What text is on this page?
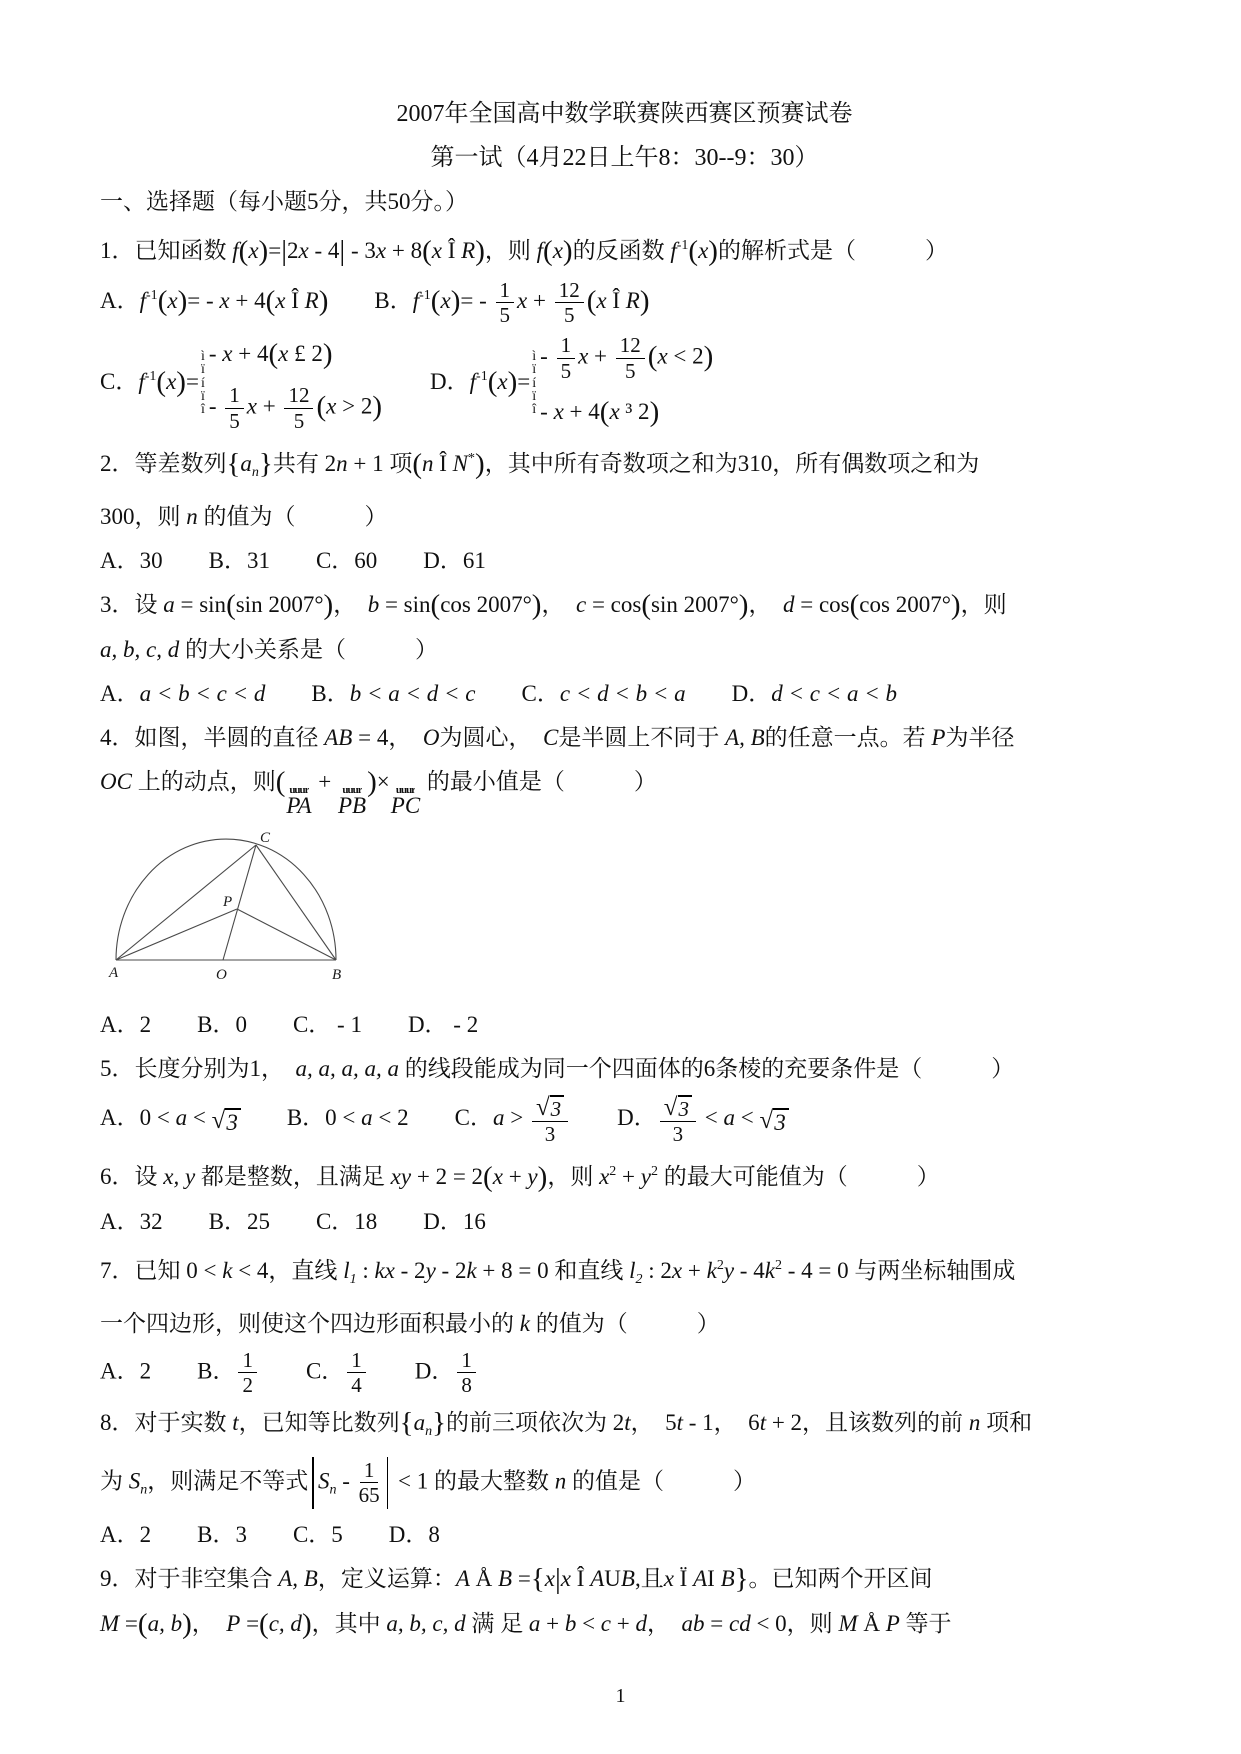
2007年全国高中数学联赛陕西赛区预赛试卷
第一试（4月22日上午8：30--9：30）
一、选择题（每小题5分，共50分。）
1．已知函数 f(x)=|2x - 4| - 3x + 8(x Î R)，则 f(x)的反函数 $f^{-1}(x)$的解析式是（　　　）
A．$f^{-1}(x)= - x + 4(x$ Î R)　　B．$f^{-1}(x)= - \frac{1}{5}$ $x + \frac{12}{5} (x$ Î R)
C．$f^{-1}(x)=$
ì
ï
í
ï
î
- x + 4(x £ 2)
- $\frac{1}{5}$ $x + \frac{12}{5} (x > 2)$
　　D．$f^{-1}(x)=$
ì
ï
í
ï
î
- $\frac{1}{5}$ $x + \frac{12}{5} (x < 2)$
- x + 4(x ³ 2)
2．等差数列$\{a_n\}$共有 2n + 1 项(n Î N*)，其中所有奇数项之和为310，所有偶数项之和为
300，则 n 的值为（　　　）
A．30　　B．31　　C．60　　D．61
3．设 a = sin(sin 2007°)，　b = sin(cos 2007°)，　c = cos(sin 2007°)，　d = cos(cos 2007°)，则
a, b, c, d 的大小关系是（　　　）
A．a < b < c < d　　B．b < a < d < c　　C．c < d < b < a　　D．d < c < a < b
4．如图，半圆的直径 AB = 4，　O为圆心，　C是半圆上不同于 A, B的任意一点。若 P为半径
OC 上的动点，则( uuur
PA
+ uuur
PB
)× uuur
PC
的最小值是（　　　）
A	O	B
C
P
A．2　　B．0　　C． - 1　　D． - 2
5．长度分别为1，　a, a, a, a, a 的线段能成为同一个四面体的6条棱的充要条件是（　　　）
A．0 < a < √ 3 　　B．0 < a < 2　　C．$a > \frac{√ 3}{3}$ 　　D． $\frac{√ 3}{3} < a$ < √ 3
6．设 x, y 都是整数，且满足 xy + 2 = 2(x + y)，则 $x^2 + y^2$ 的最大可能值为（　　　）
A．32　　B．25　　C．18　　D．16
7．已知 0 < k < 4，直线 $l_1$ : kx - 2y - 2k + 8 = 0 和直线 $l_2$ : $2x + k^2y - 4k^2 - 4 = 0$ 与两坐标轴围成
一个四边形，则使这个四边形面积最小的 k 的值为（　　　）
A．2　　B． $\frac{1}{2}$ 　　C． $\frac{1}{4}$ 　　D． $\frac{1}{8}$
8．对于实数 t，已知等比数列$\{a_n\}$的前三项依次为 2t，　5t - 1，　6t + 2，且该数列的前 n 项和
为 $S_n$，则满足不等式 $S_n - \frac{1}{65} < 1$ 的最大整数 n 的值是（　　　）
A．2　　B．3　　C．5　　D．8
9．对于非空集合 A, B，定义运算：A Å B ={x|x Î AUB,且x Ï AI B}。已知两个开区间
M =(a, b)，　P =(c, d)，其中 a, b, c, d 满 足 a + b < c + d，　ab = cd < 0，则 M Å P 等于
1
